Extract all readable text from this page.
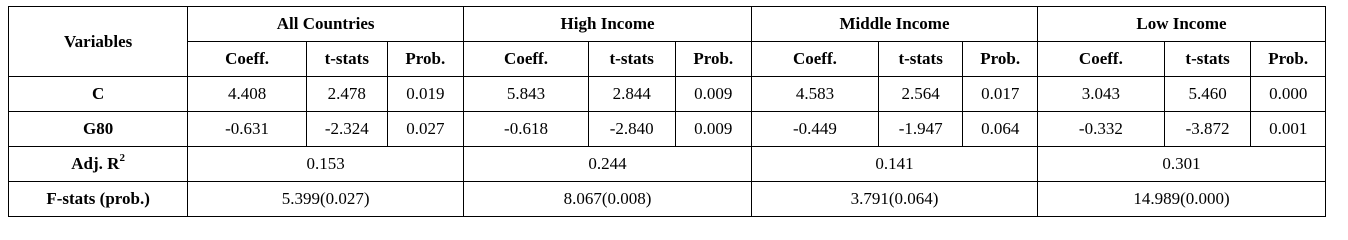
Variables	All Countries			High Income			Middle Income			Low Income		
	Coeff.	t-stats	Prob.	Coeff.	t-stats	Prob.	Coeff.	t-stats	Prob.	Coeff.	t-stats	Prob.
C	4.408	2.478	0.019	5.843	2.844	0.009	4.583	2.564	0.017	3.043	5.460	0.000
G80	-0.631	-2.324	0.027	-0.618	-2.840	0.009	-0.449	-1.947	0.064	-0.332	-3.872	0.001
Adj. $R^2$	0.153			0.244			0.141			0.301		
F-stats (prob.)	5.399(0.027)			8.067(0.008)			3.791(0.064)			14.989(0.000)		
